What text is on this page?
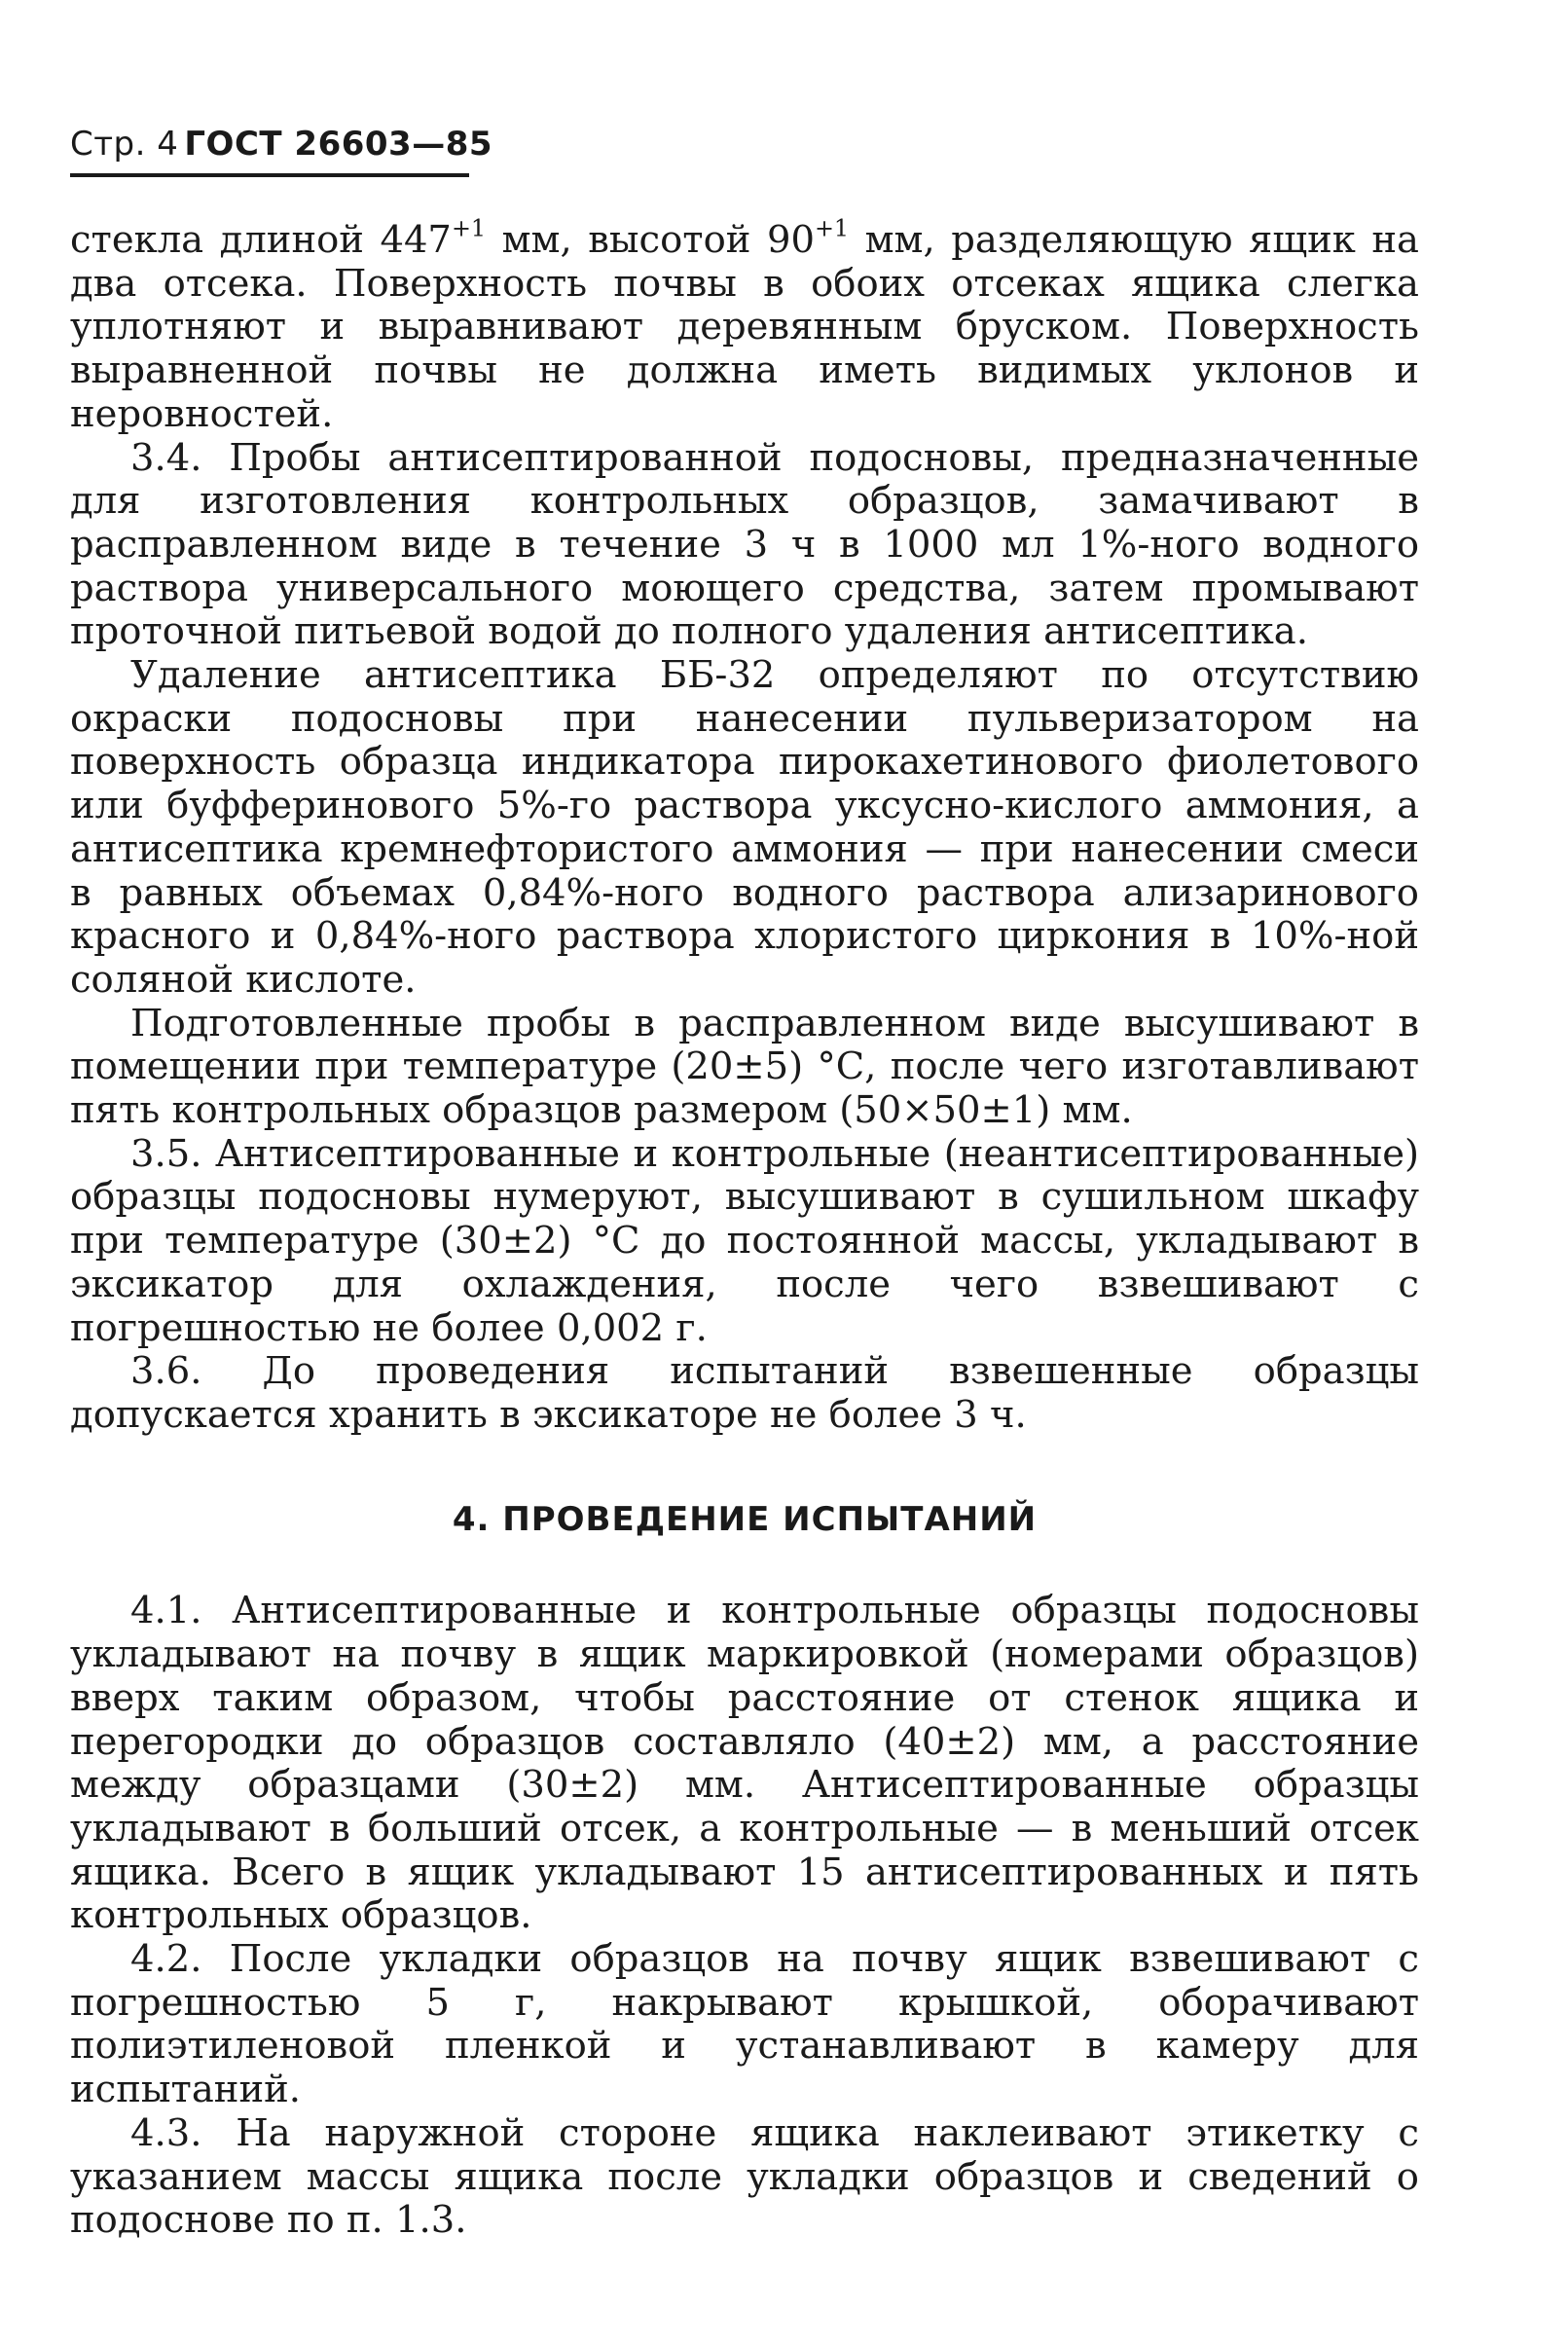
Стр. 4 ГОСТ 26603—85

стекла длиной $447^{+1}$ мм, высотой $90^{+1}$ мм, разделяющую ящик на два отсека. Поверхность почвы в обоих отсеках ящика слегка уплотняют и выравнивают деревянным бруском. Поверхность выравненной почвы не должна иметь видимых уклонов и неровностей.

3.4. Пробы антисептированной подосновы, предназначенные для изготовления контрольных образцов, замачивают в расправленном виде в течение 3 ч в 1000 мл 1%-ного водного раствора универсального моющего средства, затем промывают проточной питьевой водой до полного удаления антисептика.

Удаление антисептика ББ-32 определяют по отсутствию окраски подосновы при нанесении пульверизатором на поверхность образца индикатора пирокахетинового фиолетового или буфферинового 5%-го раствора уксусно-кислого аммония, а антисептика кремнефтористого аммония — при нанесении смеси в равных объемах 0,84%-ного водного раствора ализаринового красного и 0,84%-ного раствора хлористого циркония в 10%-ной соляной кислоте.

Подготовленные пробы в расправленном виде высушивают в помещении при температуре (20±5) °С, после чего изготавливают пять контрольных образцов размером (50×50±1) мм.

3.5. Антисептированные и контрольные (неантисептированные) образцы подосновы нумеруют, высушивают в сушильном шкафу при температуре (30±2) °С до постоянной массы, укладывают в эксикатор для охлаждения, после чего взвешивают с погрешностью не более 0,002 г.

3.6. До проведения испытаний взвешенные образцы допускается хранить в эксикаторе не более 3 ч.

4. ПРОВЕДЕНИЕ ИСПЫТАНИЙ

4.1. Антисептированные и контрольные образцы подосновы укладывают на почву в ящик маркировкой (номерами образцов) вверх таким образом, чтобы расстояние от стенок ящика и перегородки до образцов составляло (40±2) мм, а расстояние между образцами (30±2) мм. Антисептированные образцы укладывают в больший отсек, а контрольные — в меньший отсек ящика. Всего в ящик укладывают 15 антисептированных и пять контрольных образцов.

4.2. После укладки образцов на почву ящик взвешивают с погрешностью 5 г, накрывают крышкой, оборачивают полиэтиленовой пленкой и устанавливают в камеру для испытаний.

4.3. На наружной стороне ящика наклеивают этикетку с указанием массы ящика после укладки образцов и сведений о подоснове по п. 1.3.
